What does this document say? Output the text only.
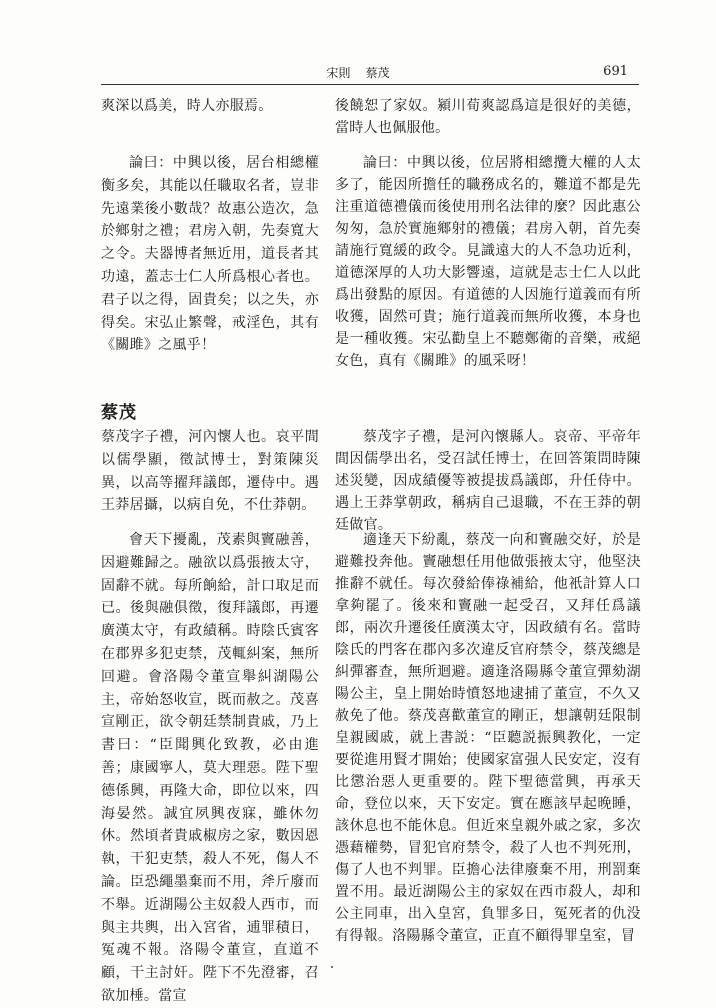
宋則 蔡茂	691

爽深以爲美，時人亦服焉。

論曰：中興以後，居台相總權衡多矣，其能以任職取名者，豈非先遠業後小數哉？故惠公造次，急於鄉射之禮；君房入朝，先奏寬大之令。夫器博者無近用，道長者其功遠，蓋志士仁人所爲根心者也。君子以之得，固貴矣；以之失，亦得矣。宋弘止繁聲，戒淫色，其有《關雎》之風乎！

蔡茂

蔡茂字子禮，河內懷人也。哀平間以儒學顯，徵試博士，對策陳災異，以高等擢拜議郎，遷侍中。遇王莽居攝，以病自免，不仕莽朝。

會天下擾亂，茂素與竇融善，因避難歸之。融欲以爲張掖太守，固辭不就。每所餉給，計口取足而已。後與融俱徵，復拜議郎，再遷廣漢太守，有政績稱。時陰氏賓客在郡界多犯吏禁，茂輒糾案，無所回避。會洛陽令董宣舉糾湖陽公主，帝始怒收宣，既而赦之。茂喜宣剛正，欲令朝廷禁制貴戚，乃上書曰：“臣聞興化致教，必由進善；康國寧人，莫大理惡。陛下聖德係興，再隆大命，即位以來，四海晏然。誠宜夙興夜寐，雖休勿休。然頃者貴戚椒房之家，數因恩執，干犯吏禁，殺人不死，傷人不論。臣恐繩墨棄而不用，斧斤廢而不舉。近湖陽公主奴殺人西市，而與主共輿，出入宮省，逋罪積日，冤魂不報。洛陽令董宣，直道不顧，干主討奸。陛下不先澄審，召欲加棰。當宣

後饒恕了家奴。潁川荀爽認爲這是很好的美德，當時人也佩服他。

論曰：中興以後，位居將相總攬大權的人太多了，能因所擔任的職務成名的，難道不都是先注重道德禮儀而後使用刑名法律的麼？因此惠公匆匆，急於實施鄉射的禮儀；君房入朝，首先奏請施行寬緩的政令。見識遠大的人不急功近利，道德深厚的人功大影響遠，這就是志士仁人以此爲出發點的原因。有道德的人因施行道義而有所收獲，固然可貴；施行道義而無所收獲，本身也是一種收獲。宋弘勸皇上不聽鄭衛的音樂，戒絕女色，真有《關雎》的風采呀！

蔡茂字子禮，是河內懷縣人。哀帝、平帝年間因儒學出名，受召試任博士，在回答策問時陳述災變，因成績優等被提拔爲議郎，升任侍中。遇上王莽掌朝政，稱病自己退職，不在王莽的朝廷做官。

適逢天下紛亂，蔡茂一向和竇融交好，於是避難投奔他。竇融想任用他做張掖太守，他堅決推辭不就任。每次發給俸祿補給，他衹計算人口拿夠罷了。後來和竇融一起受召，又拜任爲議郎，兩次升遷後任廣漢太守，因政績有名。當時陰氏的門客在郡內多次違反官府禁令，蔡茂總是糾彈審查，無所迴避。適逢洛陽縣令董宣彈劾湖陽公主，皇上開始時憤怒地逮捕了董宣，不久又赦免了他。蔡茂喜歡董宣的剛正，想讓朝廷限制皇親國戚，就上書説：“臣聽説振興教化，一定要從進用賢才開始；使國家富强人民安定，沒有比懲治惡人更重要的。陛下聖德當興，再承天命，登位以來，天下安定。實在應該早起晚睡，該休息也不能休息。但近來皇親外戚之家，多次憑藉權勢，冒犯官府禁令，殺了人也不判死刑，傷了人也不判罪。臣擔心法律廢棄不用，刑罰棄置不用。最近湖陽公主的家奴在西市殺人，却和公主同車，出入皇宮，負罪多日，冤死者的仇没有得報。洛陽縣令董宣，正直不顧得罪皇室，冒
